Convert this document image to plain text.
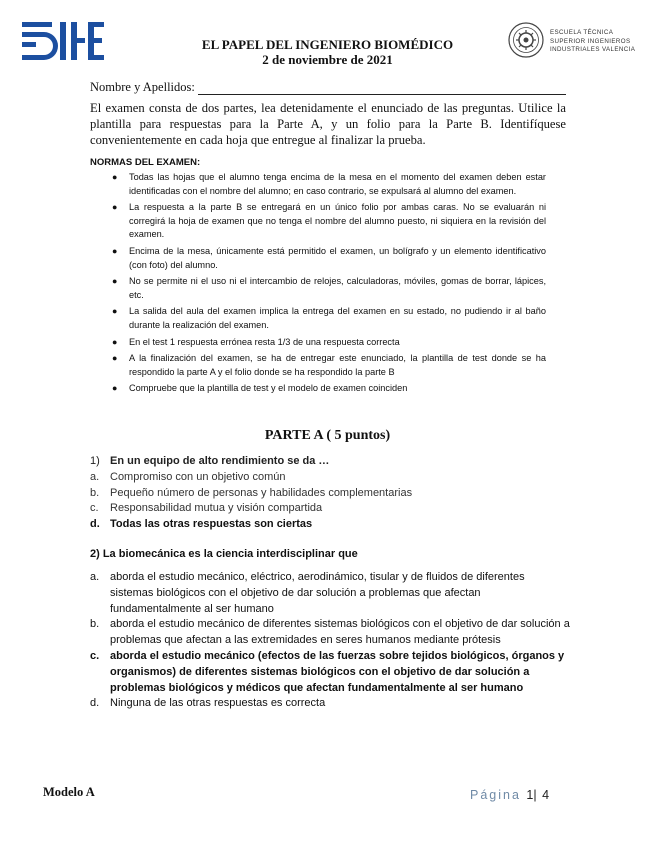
ESCUELA TÉCNICA
SUPERIOR INGENIEROS
INDUSTRIALES VALENCIA
EL PAPEL DEL INGENIERO BIOMÉDICO
2 de noviembre de 2021
Nombre y Apellidos:
El examen consta de dos partes, lea detenidamente el enunciado de las preguntas. Utilice la plantilla para respuestas para la Parte A, y un folio para la Parte B. Identifíquese convenientemente en cada hoja que entregue al finalizar la prueba.
NORMAS DEL EXAMEN:
● Todas las hojas que el alumno tenga encima de la mesa en el momento del examen deben estar identificadas con el nombre del alumno; en caso contrario, se expulsará al alumno del examen.
● La respuesta a la parte B se entregará en un único folio por ambas caras. No se evaluarán ni corregirá la hoja de examen que no tenga el nombre del alumno puesto, ni siquiera en la revisión del examen.
● Encima de la mesa, únicamente está permitido el examen, un bolígrafo y un elemento identificativo (con foto) del alumno.
● No se permite ni el uso ni el intercambio de relojes, calculadoras, móviles, gomas de borrar, lápices, etc.
● La salida del aula del examen implica la entrega del examen en su estado, no pudiendo ir al baño durante la realización del examen.
● En el test 1 respuesta errónea resta 1/3 de una respuesta correcta
● A la finalización del examen, se ha de entregar este enunciado, la plantilla de test donde se ha respondido la parte A y el folio donde se ha respondido la parte B
● Compruebe que la plantilla de test y el modelo de examen coinciden
PARTE A ( 5 puntos)
1) En un equipo de alto rendimiento se da …
a. Compromiso con un objetivo común
b. Pequeño número de personas y habilidades complementarias
c.	Responsabilidad mutua y visión compartida
d. Todas las otras respuestas son ciertas
2) La biomecánica es la ciencia interdisciplinar que
a. aborda el estudio mecánico, eléctrico, aerodinámico, tisular y de fluidos de diferentes sistemas biológicos con el objetivo de dar solución a problemas que afectan fundamentalmente al ser humano
b. aborda el estudio mecánico de diferentes sistemas biológicos con el objetivo de dar solución a problemas que afectan a las extremidades en seres humanos mediante prótesis
c. aborda el estudio mecánico (efectos de las fuerzas sobre tejidos biológicos, órganos y organismos) de diferentes sistemas biológicos con el objetivo de dar solución a problemas biológicos y médicos que afectan fundamentalmente al ser humano
d. Ninguna de las otras respuestas es correcta
Modelo A	Página 1| 4
